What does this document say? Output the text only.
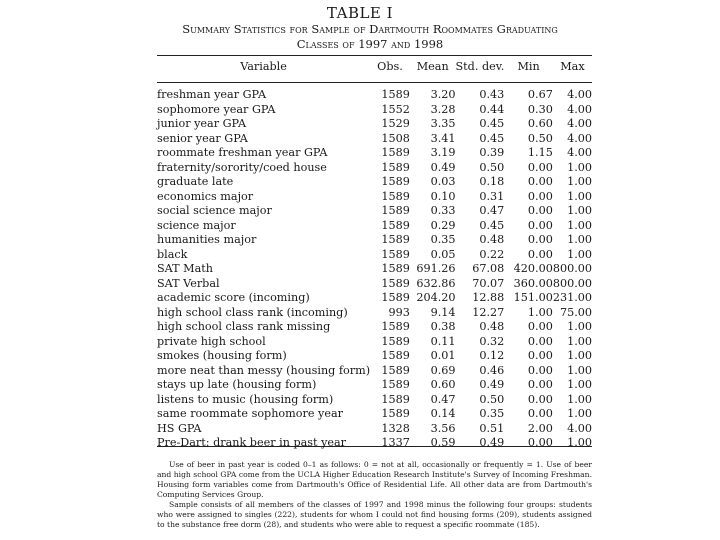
TABLE I
Summary Statistics for Sample of Dartmouth Roommates Graduating
Classes of 1997 and 1998
Variable	Obs.	Mean	Std. dev.	Min	Max

freshman year GPA	1589	3.20	0.43	0.67	4.00
sophomore year GPA	1552	3.28	0.44	0.30	4.00
junior year GPA	1529	3.35	0.45	0.60	4.00
senior year GPA	1508	3.41	0.45	0.50	4.00
roommate freshman year GPA	1589	3.19	0.39	1.15	4.00
fraternity/sorority/coed house	1589	0.49	0.50	0.00	1.00
graduate late	1589	0.03	0.18	0.00	1.00
economics major	1589	0.10	0.31	0.00	1.00
social science major	1589	0.33	0.47	0.00	1.00
science major	1589	0.29	0.45	0.00	1.00
humanities major	1589	0.35	0.48	0.00	1.00
black	1589	0.05	0.22	0.00	1.00
SAT Math	1589	691.26	67.08	420.00	800.00
SAT Verbal	1589	632.86	70.07	360.00	800.00
academic score (incoming)	1589	204.20	12.88	151.00	231.00
high school class rank (incoming)	993	9.14	12.27	1.00	75.00
high school class rank missing	1589	0.38	0.48	0.00	1.00
private high school	1589	0.11	0.32	0.00	1.00
smokes (housing form)	1589	0.01	0.12	0.00	1.00
more neat than messy (housing form)	1589	0.69	0.46	0.00	1.00
stays up late (housing form)	1589	0.60	0.49	0.00	1.00
listens to music (housing form)	1589	0.47	0.50	0.00	1.00
same roommate sophomore year	1589	0.14	0.35	0.00	1.00
HS GPA	1328	3.56	0.51	2.00	4.00
Pre-Dart: drank beer in past year	1337	0.59	0.49	0.00	1.00

Use of beer in past year is coded 0–1 as follows: 0 = not at all, occasionally or frequently = 1. Use of beer and high school GPA come from the UCLA Higher Education Research Institute's Survey of Incoming Freshman. Housing form variables come from Dartmouth's Office of Residential Life. All other data are from Dartmouth's Computing Services Group.

Sample consists of all members of the classes of 1997 and 1998 minus the following four groups: students who were assigned to singles (222), students for whom I could not find housing forms (209), students assigned to the substance free dorm (28), and students who were able to request a specific roommate (185).
